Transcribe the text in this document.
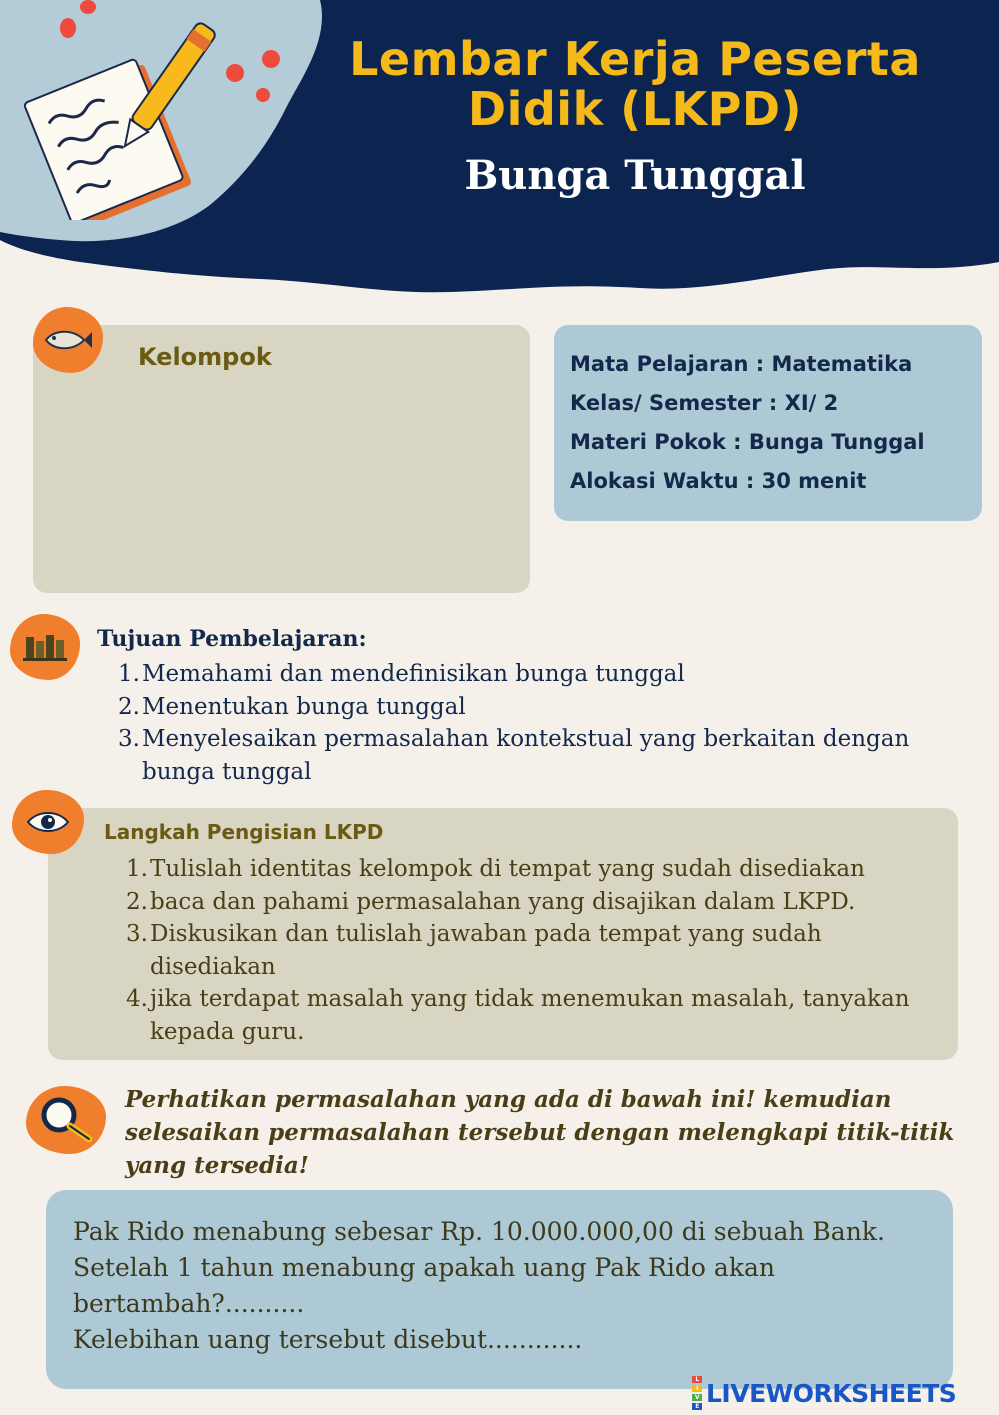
Lembar Kerja Peserta Didik (LKPD)
Bunga Tunggal
Kelompok	Mata Pelajaran : Matematika
Kelas/ Semester : XI/ 2
Materi Pokok : Bunga Tunggal
Alokasi Waktu : 30 menit
Tujuan Pembelajaran:
1. Memahami dan mendefinisikan bunga tunggal
2. Menentukan bunga tunggal
3. Menyelesaikan permasalahan kontekstual yang berkaitan dengan bunga tunggal
Langkah Pengisian LKPD
1. Tulislah identitas kelompok di tempat yang sudah disediakan
2. baca dan pahami permasalahan yang disajikan dalam LKPD.
3. Diskusikan dan tulislah jawaban pada tempat yang sudah disediakan
4. jika terdapat masalah yang tidak menemukan masalah, tanyakan kepada guru.
Perhatikan permasalahan yang ada di bawah ini! kemudian selesaikan permasalahan tersebut dengan melengkapi titik-titik yang tersedia!
Pak Rido menabung sebesar Rp. 10.000.000,00 di sebuah Bank.
Setelah 1 tahun menabung apakah uang Pak Rido akan bertambah?..........
Kelebihan uang tersebut disebut............
L
I
V
E LIVEWORKSHEETS
